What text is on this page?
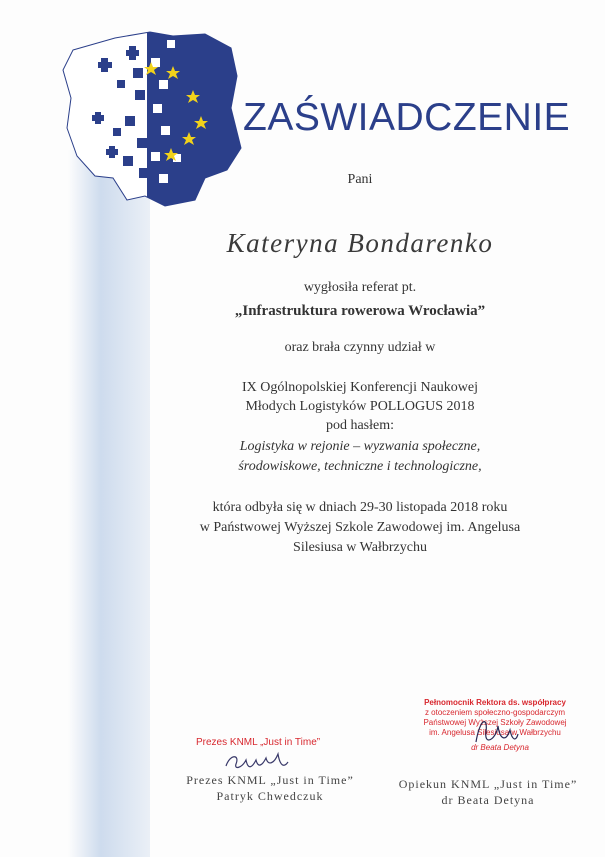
ZAŚWIADCZENIE
Pani
Kateryna Bondarenko
wygłosiła referat pt.
„Infrastruktura rowerowa Wrocławia”
oraz brała czynny udział w
IX Ogólnopolskiej Konferencji Naukowej
Młodych Logistyków POLLOGUS 2018
pod hasłem:
Logistyka w rejonie – wyzwania społeczne,
środowiskowe, techniczne i technologiczne,
która odbyła się w dniach 29-30 listopada 2018 roku
w Państwowej Wyższej Szkole Zawodowej im. Angelusa
Silesiusa w Wałbrzychu
Prezes KNML „Just in Time”
Prezes KNML „Just in Time”
Patryk Chwedczuk
Pełnomocnik Rektora ds. współpracy
z otoczeniem społeczno-gospodarczym
Państwowej Wyższej Szkoły Zawodowej
im. Angelusa Silesiusa w Wałbrzychu
dr Beata Detyna
Opiekun KNML „Just in Time”
dr Beata Detyna
